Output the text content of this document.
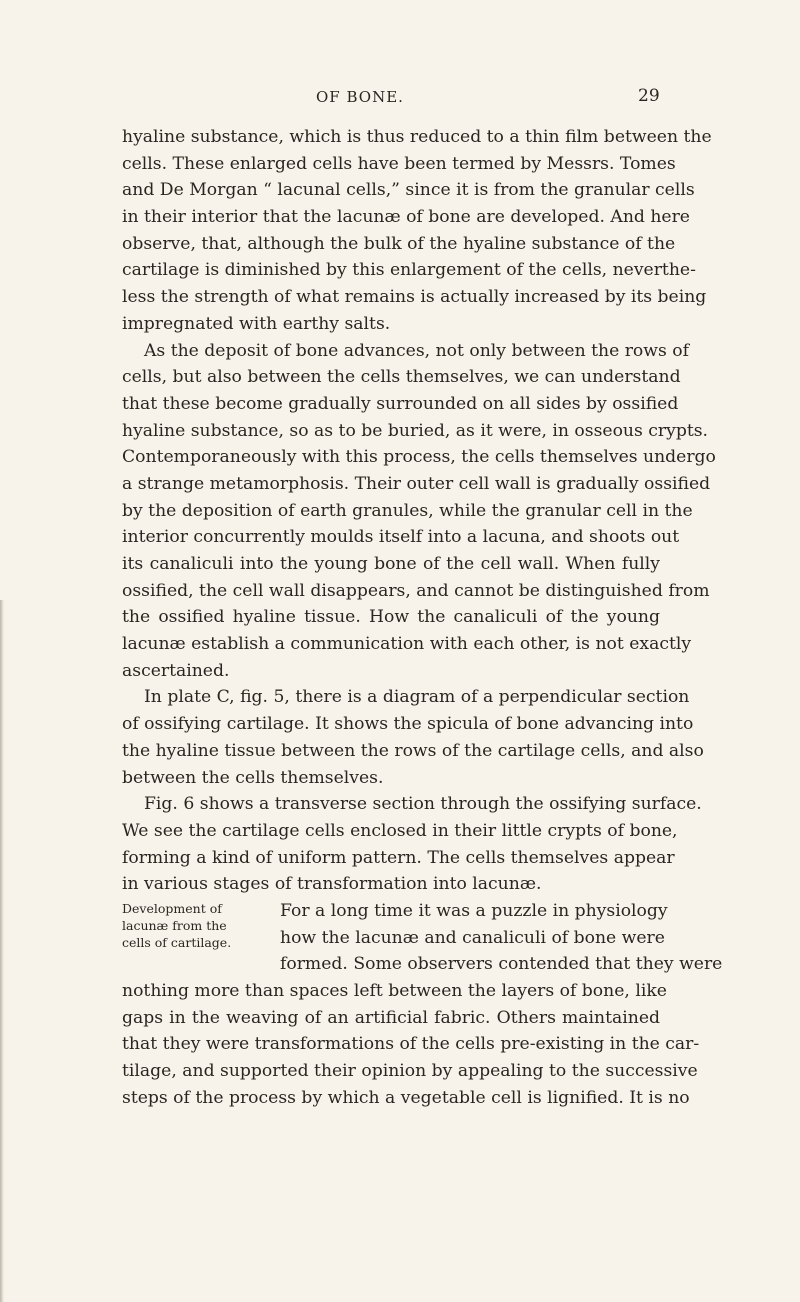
OF BONE.	29
hyaline substance, which is thus reduced to a thin film between the
cells. These enlarged cells have been termed by Messrs. Tomes
and De Morgan “ lacunal cells,” since it is from the granular cells
in their interior that the lacunæ of bone are developed. And here
observe, that, although the bulk of the hyaline substance of the
cartilage is diminished by this enlargement of the cells, neverthe-
less the strength of what remains is actually increased by its being
impregnated with earthy salts.
As the deposit of bone advances, not only between the rows of
cells, but also between the cells themselves, we can understand
that these become gradually surrounded on all sides by ossified
hyaline substance, so as to be buried, as it were, in osseous crypts.
Contemporaneously with this process, the cells themselves undergo
a strange metamorphosis. Their outer cell wall is gradually ossified
by the deposition of earth granules, while the granular cell in the
interior concurrently moulds itself into a lacuna, and shoots out
its canaliculi into the young bone of the cell wall. When fully
ossified, the cell wall disappears, and cannot be distinguished from
the ossified hyaline tissue. How the canaliculi of the young
lacunæ establish a communication with each other, is not exactly
ascertained.
In plate C, fig. 5, there is a diagram of a perpendicular section
of ossifying cartilage. It shows the spicula of bone advancing into
the hyaline tissue between the rows of the cartilage cells, and also
between the cells themselves.
Fig. 6 shows a transverse section through the ossifying surface.
We see the cartilage cells enclosed in their little crypts of bone,
forming a kind of uniform pattern. The cells themselves appear
in various stages of transformation into lacunæ.
For a long time it was a puzzle in physiology
how the lacunæ and canaliculi of bone were
formed. Some observers contended that they were
nothing more than spaces left between the layers of bone, like
gaps in the weaving of an artificial fabric. Others maintained
that they were transformations of the cells pre-existing in the car-
tilage, and supported their opinion by appealing to the successive
steps of the process by which a vegetable cell is lignified. It is no
Development of
lacunæ from the
cells of cartilage.
